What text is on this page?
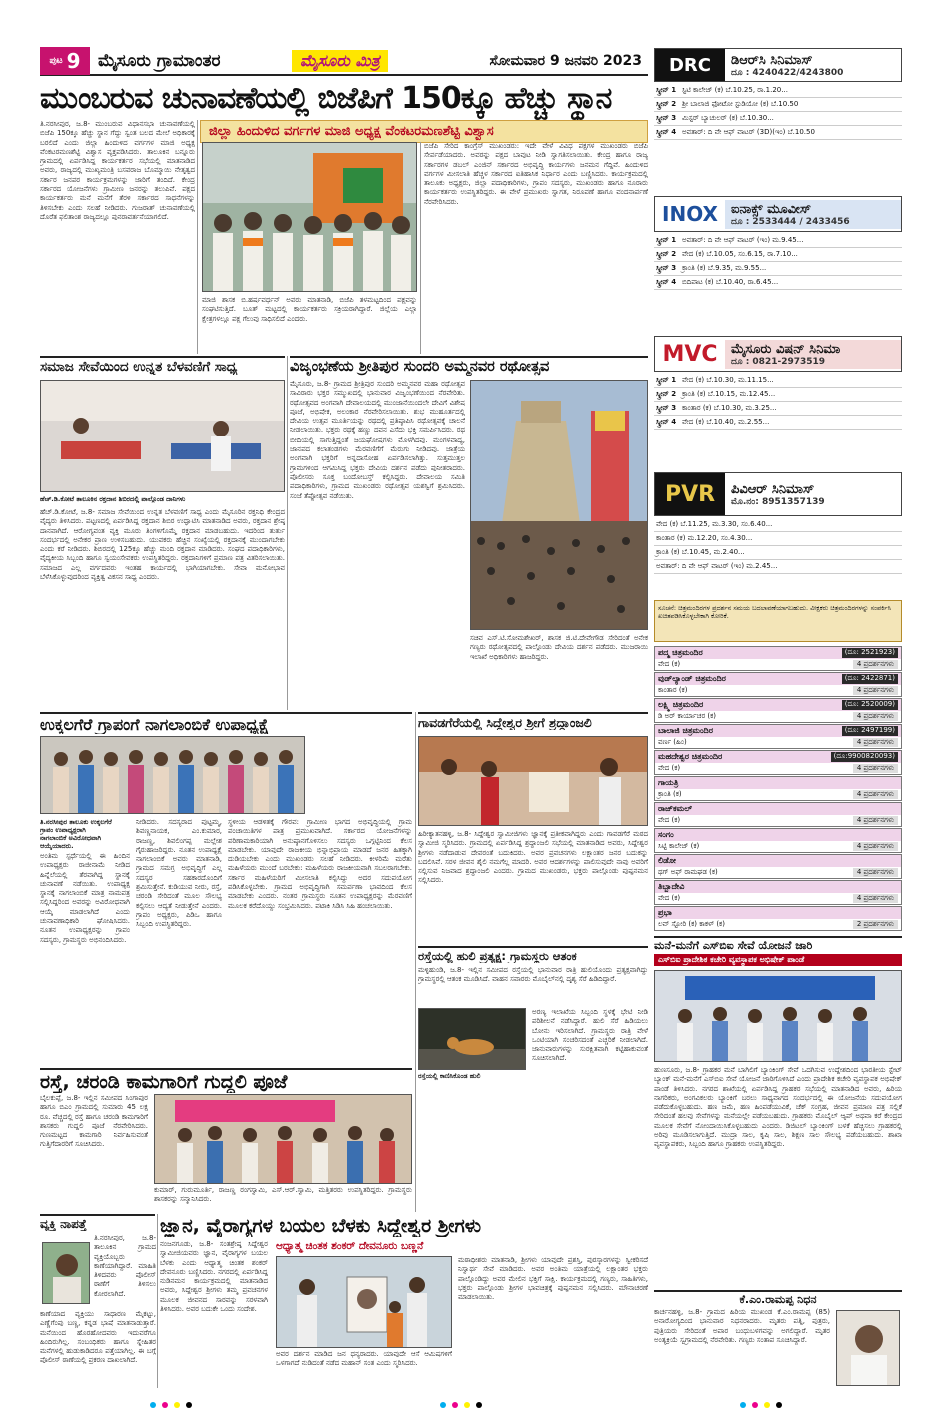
ಪುಟ 9 ಮೈಸೂರು ಗ್ರಾಮಾಂತರ	ಮೈಸೂರು ಮಿತ್ರ	ಸೋಮವಾರ 9 ಜನವರಿ 2023
ಮುಂಬರುವ ಚುನಾವಣೆಯಲ್ಲಿ ಬಿಜೆಪಿಗೆ 150ಕ್ಕೂ ಹೆಚ್ಚು ಸ್ಥಾನ
ಜಿಲ್ಲಾ ಹಿಂದುಳಿದ ವರ್ಗಗಳ ಮಾಜಿ ಅಧ್ಯಕ್ಷ ವೆಂಕಟರಮಣಶೆಟ್ಟಿ ವಿಶ್ವಾಸ
ತಿ.ನರಸೀಪುರ, ಜ.8- ಮುಂಬರುವ ವಿಧಾನಸಭಾ ಚುನಾವಣೆಯಲ್ಲಿ ಬಿಜೆಪಿ 150ಕ್ಕೂ ಹೆಚ್ಚು ಸ್ಥಾನ ಗೆದ್ದು ಸ್ವಂತ ಬಲದ ಮೇಲೆ ಅಧಿಕಾರಕ್ಕೆ ಬರಲಿದೆ ಎಂದು ಜಿಲ್ಲಾ ಹಿಂದುಳಿದ ವರ್ಗಗಳ ಮಾಜಿ ಅಧ್ಯಕ್ಷ ವೆಂಕಟರಮಣಶೆಟ್ಟಿ ವಿಶ್ವಾಸ ವ್ಯಕ್ತಪಡಿಸಿದರು. ತಾಲೂಕಿನ ಬನ್ನೂರು ಗ್ರಾಮದಲ್ಲಿ ಏರ್ಪಡಿಸಿದ್ದ ಕಾರ್ಯಕರ್ತರ ಸಭೆಯಲ್ಲಿ ಮಾತನಾಡಿದ ಅವರು, ರಾಜ್ಯದಲ್ಲಿ ಮುಖ್ಯಮಂತ್ರಿ ಬಸವರಾಜ ಬೊಮ್ಮಾಯಿ ನೇತೃತ್ವದ ಸರ್ಕಾರ ಜನಪರ ಕಾರ್ಯಕ್ರಮಗಳನ್ನು ಜಾರಿಗೆ ತಂದಿದೆ. ಕೇಂದ್ರ ಸರ್ಕಾರದ ಯೋಜನೆಗಳು ಗ್ರಾಮೀಣ ಜನರನ್ನು ತಲುಪಿವೆ. ಪಕ್ಷದ ಕಾರ್ಯಕರ್ತರು ಮನೆ ಮನೆಗೆ ತೆರಳಿ ಸರ್ಕಾರದ ಸಾಧನೆಗಳನ್ನು ತಿಳಿಸಬೇಕು ಎಂದು ಸಲಹೆ ನೀಡಿದರು. ಗುಜರಾತ್ ಚುನಾವಣೆಯಲ್ಲಿ ದೊರೆತ ಫಲಿತಾಂಶ ರಾಜ್ಯದಲ್ಲೂ ಪುನರಾವರ್ತನೆಯಾಗಲಿದೆ.
ಮಾಜಿ ಶಾಸಕ ಬಿ.ಹರ್ಷವರ್ಧನ್ ಅವರು ಮಾತನಾಡಿ, ಬಿಜೆಪಿ ತಳಮಟ್ಟದಿಂದ ಪಕ್ಷವನ್ನು ಸಂಘಟಿಸುತ್ತಿದೆ. ಬೂತ್ ಮಟ್ಟದಲ್ಲಿ ಕಾರ್ಯಕರ್ತರು ಸಕ್ರಿಯರಾಗಿದ್ದಾರೆ. ಜಿಲ್ಲೆಯ ಎಲ್ಲಾ ಕ್ಷೇತ್ರಗಳಲ್ಲೂ ಪಕ್ಷ ಗೆಲುವು ಸಾಧಿಸಲಿದೆ ಎಂದರು.
ಬಿಜೆಪಿ ಸೇರಿದ ಕಾಂಗ್ರೆಸ್ ಮುಖಂಡರು: ಇದೇ ವೇಳೆ ವಿವಿಧ ಪಕ್ಷಗಳ ಮುಖಂಡರು ಬಿಜೆಪಿ ಸೇರ್ಪಡೆಯಾದರು. ಅವರನ್ನು ಪಕ್ಷದ ಬಾವುಟ ನೀಡಿ ಸ್ವಾಗತಿಸಲಾಯಿತು. ಕೇಂದ್ರ ಹಾಗೂ ರಾಜ್ಯ ಸರ್ಕಾರಗಳ ಡಬಲ್ ಎಂಜಿನ್ ಸರ್ಕಾರದ ಅಭಿವೃದ್ಧಿ ಕಾರ್ಯಗಳು ಜನಮನ ಗೆದ್ದಿವೆ. ಹಿಂದುಳಿದ ವರ್ಗಗಳ ಮೀಸಲಾತಿ ಹೆಚ್ಚಳ ಸರ್ಕಾರದ ಐತಿಹಾಸಿಕ ನಿರ್ಧಾರ ಎಂದು ಬಣ್ಣಿಸಿದರು. ಕಾರ್ಯಕ್ರಮದಲ್ಲಿ ತಾಲೂಕು ಅಧ್ಯಕ್ಷರು, ಜಿಲ್ಲಾ ಪದಾಧಿಕಾರಿಗಳು, ಗ್ರಾಪಂ ಸದಸ್ಯರು, ಮುಖಂಡರು ಹಾಗೂ ನೂರಾರು ಕಾರ್ಯಕರ್ತರು ಉಪಸ್ಥಿತರಿದ್ದರು. ಈ ವೇಳೆ ಪ್ರಮುಖರು ಸ್ವಾಗತ, ನಿರೂಪಣೆ ಹಾಗೂ ವಂದನಾರ್ಪಣೆ ನೆರವೇರಿಸಿದರು.
ಸಮಾಜ ಸೇವೆಯಿಂದ ಉನ್ನತ ಬೆಳವಣಿಗೆ ಸಾಧ್ಯ	ವಿಜೃಂಭಣೆಯ ಶ್ರೀತಿಪುರ ಸುಂದರಿ ಅಮ್ಮನವರ ರಥೋತ್ಸವ
ಹೆಚ್.ಡಿ.ಕೋಟೆ ತಾಲೂಕಿನ ರಕ್ತದಾನ ಶಿಬಿರದಲ್ಲಿ ಪಾಲ್ಗೊಂಡ ದಾನಿಗಳು
ಹೆಚ್.ಡಿ.ಕೋಟೆ, ಜ.8- ಸಮಾಜ ಸೇವೆಯಿಂದ ಉನ್ನತ ಬೆಳವಣಿಗೆ ಸಾಧ್ಯ ಎಂದು ಮೈಸೂರಿನ ರಕ್ತನಿಧಿ ಕೇಂದ್ರದ ವೈದ್ಯರು ತಿಳಿಸಿದರು. ಪಟ್ಟಣದಲ್ಲಿ ಏರ್ಪಡಿಸಿದ್ದ ರಕ್ತದಾನ ಶಿಬಿರ ಉದ್ಘಾಟಿಸಿ ಮಾತನಾಡಿದ ಅವರು, ರಕ್ತದಾನ ಶ್ರೇಷ್ಠ ದಾನವಾಗಿದೆ. ಆರೋಗ್ಯವಂತ ವ್ಯಕ್ತಿ ಮೂರು ತಿಂಗಳಿಗೊಮ್ಮೆ ರಕ್ತದಾನ ಮಾಡಬಹುದು. ಇದರಿಂದ ತುರ್ತು ಸಂದರ್ಭದಲ್ಲಿ ಅನೇಕರ ಪ್ರಾಣ ಉಳಿಸಬಹುದು. ಯುವಕರು ಹೆಚ್ಚಿನ ಸಂಖ್ಯೆಯಲ್ಲಿ ರಕ್ತದಾನಕ್ಕೆ ಮುಂದಾಗಬೇಕು ಎಂದು ಕರೆ ನೀಡಿದರು. ಶಿಬಿರದಲ್ಲಿ 125ಕ್ಕೂ ಹೆಚ್ಚು ಮಂದಿ ರಕ್ತದಾನ ಮಾಡಿದರು. ಸಂಘದ ಪದಾಧಿಕಾರಿಗಳು, ವೈದ್ಯಕೀಯ ಸಿಬ್ಬಂದಿ ಹಾಗೂ ಸ್ವಯಂಸೇವಕರು ಉಪಸ್ಥಿತರಿದ್ದರು. ರಕ್ತದಾನಿಗಳಿಗೆ ಪ್ರಮಾಣ ಪತ್ರ ವಿತರಿಸಲಾಯಿತು. ಸಮಾಜದ ಎಲ್ಲ ವರ್ಗದವರು ಇಂತಹ ಕಾರ್ಯದಲ್ಲಿ ಭಾಗಿಯಾಗಬೇಕು. ಸೇವಾ ಮನೋಭಾವ ಬೆಳೆಸಿಕೊಳ್ಳುವುದರಿಂದ ವ್ಯಕ್ತಿತ್ವ ವಿಕಸನ ಸಾಧ್ಯ ಎಂದರು.
ಮೈಸೂರು, ಜ.8- ಗ್ರಾಮದ ಶ್ರೀತ್ರಿಪುರ ಸುಂದರಿ ಅಮ್ಮನವರ ಮಹಾ ರಥೋತ್ಸವ ಸಾವಿರಾರು ಭಕ್ತರ ಸಮ್ಮುಖದಲ್ಲಿ ಭಾನುವಾರ ವಿಜೃಂಭಣೆಯಿಂದ ನೆರವೇರಿತು. ರಥೋತ್ಸವದ ಅಂಗವಾಗಿ ದೇವಾಲಯದಲ್ಲಿ ಮುಂಜಾನೆಯಿಂದಲೇ ದೇವಿಗೆ ವಿಶೇಷ ಪೂಜೆ, ಅಭಿಷೇಕ, ಅಲಂಕಾರ ನೆರವೇರಿಸಲಾಯಿತು. ಶುಭ ಮುಹೂರ್ತದಲ್ಲಿ ದೇವಿಯ ಉತ್ಸವ ಮೂರ್ತಿಯನ್ನು ರಥದಲ್ಲಿ ಪ್ರತಿಷ್ಠಾಪಿಸಿ ರಥೋತ್ಸವಕ್ಕೆ ಚಾಲನೆ ನೀಡಲಾಯಿತು. ಭಕ್ತರು ರಥಕ್ಕೆ ಹಣ್ಣು ದವನ ಎಸೆದು ಭಕ್ತಿ ಸಮರ್ಪಿಸಿದರು. ರಥ ಬೀದಿಯಲ್ಲಿ ಸಾಗುತ್ತಿದ್ದಂತೆ ಜಯಘೋಷಗಳು ಮೊಳಗಿದವು. ಮಂಗಳವಾದ್ಯ, ಜಾನಪದ ಕಲಾತಂಡಗಳು ಮೆರವಣಿಗೆಗೆ ಮೆರುಗು ನೀಡಿದವು. ಜಾತ್ರೆಯ ಅಂಗವಾಗಿ ಭಕ್ತರಿಗೆ ಅನ್ನದಾಸೋಹ ಏರ್ಪಡಿಸಲಾಗಿತ್ತು. ಸುತ್ತಮುತ್ತಲ ಗ್ರಾಮಗಳಿಂದ ಆಗಮಿಸಿದ್ದ ಭಕ್ತರು ದೇವಿಯ ದರ್ಶನ ಪಡೆದು ಪುನೀತರಾದರು. ಪೊಲೀಸರು ಸೂಕ್ತ ಬಂದೋಬಸ್ತ್ ಕಲ್ಪಿಸಿದ್ದರು. ದೇವಾಲಯ ಸಮಿತಿ ಪದಾಧಿಕಾರಿಗಳು, ಗ್ರಾಮದ ಮುಖಂಡರು ರಥೋತ್ಸವ ಯಶಸ್ವಿಗೆ ಶ್ರಮಿಸಿದರು. ಸಂಜೆ ತೆಪ್ಪೋತ್ಸವ ನಡೆಯಿತು.
ಸಚಿವ ಎಸ್.ಟಿ.ಸೋಮಶೇಖರ್, ಶಾಸಕ ಜಿ.ಟಿ.ದೇವೇಗೌಡ ಸೇರಿದಂತೆ ಅನೇಕ ಗಣ್ಯರು ರಥೋತ್ಸವದಲ್ಲಿ ಪಾಲ್ಗೊಂಡು ದೇವಿಯ ದರ್ಶನ ಪಡೆದರು. ಮುಜರಾಯಿ ಇಲಾಖೆ ಅಧಿಕಾರಿಗಳು ಹಾಜರಿದ್ದರು.
ಉಕ್ಕಲಗೆರೆ ಗ್ರಾಪಂಗೆ ನಾಗಲಾಂಬಿಕೆ ಉಪಾಧ್ಯಕ್ಷೆ	ಗಾವಡಗೆರೆಯಲ್ಲಿ ಸಿದ್ದೇಶ್ವರ ಶ್ರೀಗೆ ಶ್ರದ್ಧಾಂಜಲಿ
ತಿ.ನರಸೀಪುರ ತಾಲೂಕು ಉಕ್ಕಲಗೆರೆ ಗ್ರಾಪಂ ಉಪಾಧ್ಯಕ್ಷರಾಗಿ ನಾಗಲಾಂಬಿಕೆ ಅವಿರೋಧವಾಗಿ ಆಯ್ಕೆಯಾದರು.
ಅಂತಿಮ ಸ್ಪರ್ಧೆಯಲ್ಲಿ ಈ ಹಿಂದಿನ ಉಪಾಧ್ಯಕ್ಷರು ರಾಜೀನಾಮೆ ನೀಡಿದ ಹಿನ್ನೆಲೆಯಲ್ಲಿ ತೆರವಾಗಿದ್ದ ಸ್ಥಾನಕ್ಕೆ ಚುನಾವಣೆ ನಡೆಯಿತು. ಉಪಾಧ್ಯಕ್ಷ ಸ್ಥಾನಕ್ಕೆ ನಾಗಲಾಂಬಿಕೆ ಮಾತ್ರ ನಾಮಪತ್ರ ಸಲ್ಲಿಸಿದ್ದರಿಂದ ಅವರನ್ನು ಅವಿರೋಧವಾಗಿ ಆಯ್ಕೆ ಮಾಡಲಾಗಿದೆ ಎಂದು ಚುನಾವಣಾಧಿಕಾರಿ ಘೋಷಿಸಿದರು. ನೂತನ ಉಪಾಧ್ಯಕ್ಷರನ್ನು ಗ್ರಾಪಂ ಸದಸ್ಯರು, ಗ್ರಾಮಸ್ಥರು ಅಭಿನಂದಿಸಿದರು.
ನೀಡಿದರು. ಸದಸ್ಯರಾದ ಪುಟ್ಟಮ್ಮ, ಶಿವಣ್ಣನಾಯಕ, ಎಂ.ಕುಮಾರ, ರಾಜಣ್ಣ, ಶಿವಲಿಂಗಪ್ಪ ಮಲ್ಲೇಶ ಗೈರುಹಾಜರಿದ್ದರು. ನೂತನ ಉಪಾಧ್ಯಕ್ಷೆ ನಾಗಲಾಂಬಿಕೆ ಅವರು ಮಾತನಾಡಿ, ಗ್ರಾಮದ ಸಮಗ್ರ ಅಭಿವೃದ್ಧಿಗೆ ಎಲ್ಲ ಸದಸ್ಯರ ಸಹಕಾರದೊಂದಿಗೆ ಶ್ರಮಿಸುತ್ತೇನೆ. ಕುಡಿಯುವ ನೀರು, ರಸ್ತೆ, ಚರಂಡಿ ಸೇರಿದಂತೆ ಮೂಲ ಸೌಲಭ್ಯ ಕಲ್ಪಿಸಲು ಆದ್ಯತೆ ನೀಡುತ್ತೇನೆ ಎಂದರು. ಗ್ರಾಪಂ ಅಧ್ಯಕ್ಷರು, ಪಿಡಿಒ ಹಾಗೂ ಸಿಬ್ಬಂದಿ ಉಪಸ್ಥಿತರಿದ್ದರು.
ಸ್ಥಳೀಯ ಆಡಳಿತಕ್ಕೆ ಗೌರವ: ಗ್ರಾಮೀಣ ಭಾಗದ ಅಭಿವೃದ್ಧಿಯಲ್ಲಿ ಗ್ರಾಮ ಪಂಚಾಯಿತಿಗಳ ಪಾತ್ರ ಪ್ರಮುಖವಾಗಿದೆ. ಸರ್ಕಾರದ ಯೋಜನೆಗಳನ್ನು ಪರಿಣಾಮಕಾರಿಯಾಗಿ ಅನುಷ್ಠಾನಗೊಳಿಸಲು ಸದಸ್ಯರು ಒಗ್ಗಟ್ಟಿನಿಂದ ಕೆಲಸ ಮಾಡಬೇಕು. ಯಾವುದೇ ರಾಜಕೀಯ ಭಿನ್ನಾಭಿಪ್ರಾಯ ಮಾಡದೆ ಜನರ ಹಿತಕ್ಕಾಗಿ ದುಡಿಯಬೇಕು ಎಂದು ಮುಖಂಡರು ಸಲಹೆ ನೀಡಿದರು. ಕೀಳರಿಮೆ ಮರೆತು ಮಹಿಳೆಯರು ಮುಂದೆ ಬರಬೇಕು: ಮಹಿಳೆಯರು ರಾಜಕೀಯವಾಗಿ ಸಬಲರಾಗಬೇಕು. ಸರ್ಕಾರ ಮಹಿಳೆಯರಿಗೆ ಮೀಸಲಾತಿ ಕಲ್ಪಿಸಿದ್ದು ಅದರ ಸದುಪಯೋಗ ಪಡಿಸಿಕೊಳ್ಳಬೇಕು. ಗ್ರಾಮದ ಅಭಿವೃದ್ಧಿಗಾಗಿ ಸಮರ್ಪಣಾ ಭಾವದಿಂದ ಕೆಲಸ ಮಾಡಬೇಕು ಎಂದರು. ನಂತರ ಗ್ರಾಮಸ್ಥರು ನೂತನ ಉಪಾಧ್ಯಕ್ಷರನ್ನು ಮೆರವಣಿಗೆ ಮೂಲಕ ಕರೆದೊಯ್ದು ಸಂಭ್ರಮಿಸಿದರು. ಪಟಾಕಿ ಸಿಡಿಸಿ ಸಿಹಿ ಹಂಚಲಾಯಿತು.
ಹಿರೀಕ್ಯಾತನಹಳ್ಳಿ, ಜ.8- ಸಿದ್ದೇಶ್ವರ ಸ್ವಾಮೀಜಿಗಳು ಜ್ಞಾನಕ್ಕೆ ಪ್ರತೀಕವಾಗಿದ್ದರು ಎಂದು ಗಾವಡಗೆರೆ ಮಠದ ಸ್ವಾಮೀಜಿ ಸ್ಮರಿಸಿದರು. ಗ್ರಾಮದಲ್ಲಿ ಏರ್ಪಡಿಸಿದ್ದ ಶ್ರದ್ಧಾಂಜಲಿ ಸಭೆಯಲ್ಲಿ ಮಾತನಾಡಿದ ಅವರು, ಸಿದ್ದೇಶ್ವರ ಶ್ರೀಗಳು ನಡೆದಾಡುವ ದೇವರಂತೆ ಬದುಕಿದರು. ಅವರ ಪ್ರವಚನಗಳು ಲಕ್ಷಾಂತರ ಜನರ ಬದುಕನ್ನು ಬದಲಿಸಿವೆ. ಸರಳ ಜೀವನ ಶೈಲಿ ನಮಗೆಲ್ಲ ಮಾದರಿ. ಅವರ ಆದರ್ಶಗಳನ್ನು ಪಾಲಿಸುವುದೇ ನಾವು ಅವರಿಗೆ ಸಲ್ಲಿಸುವ ನಿಜವಾದ ಶ್ರದ್ಧಾಂಜಲಿ ಎಂದರು. ಗ್ರಾಮದ ಮುಖಂಡರು, ಭಕ್ತರು ಪಾಲ್ಗೊಂಡು ಪುಷ್ಪನಮನ ಸಲ್ಲಿಸಿದರು.
ರಸ್ತೆಯಲ್ಲಿ ಹುಲಿ ಪ್ರತ್ಯಕ್ಷ: ಗ್ರಾಮಸ್ಥರು ಆತಂಕ
ಮಳ್ಳಿಹುಂಡಿ, ಜ.8- ಇಲ್ಲಿನ ಸಮೀಪದ ರಸ್ತೆಯಲ್ಲಿ ಭಾನುವಾರ ರಾತ್ರಿ ಹುಲಿಯೊಂದು ಪ್ರತ್ಯಕ್ಷವಾಗಿದ್ದು ಗ್ರಾಮಸ್ಥರಲ್ಲಿ ಆತಂಕ ಮೂಡಿಸಿದೆ. ವಾಹನ ಸವಾರರು ಮೊಬೈಲ್‌ನಲ್ಲಿ ದೃಶ್ಯ ಸೆರೆ ಹಿಡಿದಿದ್ದಾರೆ.
ರಸ್ತೆಯಲ್ಲಿ ಕಾಣಿಸಿಕೊಂಡ ಹುಲಿ
ಅರಣ್ಯ ಇಲಾಖೆಯ ಸಿಬ್ಬಂದಿ ಸ್ಥಳಕ್ಕೆ ಭೇಟಿ ನೀಡಿ ಪರಿಶೀಲನೆ ನಡೆಸಿದ್ದಾರೆ. ಹುಲಿ ಸೆರೆ ಹಿಡಿಯಲು ಬೋನು ಇರಿಸಲಾಗಿದೆ. ಗ್ರಾಮಸ್ಥರು ರಾತ್ರಿ ವೇಳೆ ಒಂಟಿಯಾಗಿ ಸಂಚರಿಸದಂತೆ ಎಚ್ಚರಿಕೆ ನೀಡಲಾಗಿದೆ. ಜಾನುವಾರುಗಳನ್ನು ಸುರಕ್ಷಿತವಾಗಿ ಕಟ್ಟಿಹಾಕುವಂತೆ ಸೂಚಿಸಲಾಗಿದೆ.
ರಸ್ತೆ, ಚರಂಡಿ ಕಾಮಗಾರಿಗೆ ಗುದ್ದಲಿ ಪೂಜೆ
ಬೈಲಕುಪ್ಪೆ, ಜ.8- ಇಲ್ಲಿನ ಸಮೀಪದ ಸಿಂಗಾಪುರ ಹಾಗೂ ಬಿಎಂ ಗ್ರಾಮದಲ್ಲಿ ಸುಮಾರು 45 ಲಕ್ಷ ರೂ. ವೆಚ್ಚದಲ್ಲಿ ರಸ್ತೆ ಹಾಗೂ ಚರಂಡಿ ಕಾಮಗಾರಿಗೆ ಶಾಸಕರು ಗುದ್ದಲಿ ಪೂಜೆ ನೆರವೇರಿಸಿದರು. ಗುಣಮಟ್ಟದ ಕಾಮಗಾರಿ ನಿರ್ವಹಿಸುವಂತೆ ಗುತ್ತಿಗೆದಾರರಿಗೆ ಸೂಚಿಸಿದರು.
ಕುಮಾರ್, ಗುರುಮೂರ್ತಿ, ರಾಜಣ್ಣ ರಂಗಸ್ವಾಮಿ, ಎಸ್.ಆರ್.ಸ್ವಾಮಿ, ಮತ್ತಿತರರು ಉಪಸ್ಥಿತರಿದ್ದರು. ಗ್ರಾಮಸ್ಥರು ಶಾಸಕರನ್ನು ಸನ್ಮಾನಿಸಿದರು.
ವ್ಯಕ್ತಿ ನಾಪತ್ತೆ
ತಿ.ನರಸೀಪುರ, ಜ.8- ತಾಲೂಕಿನ ಗ್ರಾಮದ ವ್ಯಕ್ತಿಯೊಬ್ಬರು ಕಾಣೆಯಾಗಿದ್ದಾರೆ. ಮಾಹಿತಿ ತಿಳಿದವರು ಪೊಲೀಸ್ ಠಾಣೆಗೆ ತಿಳಿಸಲು ಕೋರಲಾಗಿದೆ.
ಕಾಣೆಯಾದ ವ್ಯಕ್ತಿಯು ಸಾಧಾರಣ ಮೈಕಟ್ಟು, ಎಣ್ಣೆಗೆಂಪು ಬಣ್ಣ, ಕನ್ನಡ ಭಾಷೆ ಮಾತನಾಡುತ್ತಾರೆ. ಮನೆಯಿಂದ ಹೊರಹೋದವರು ಇದುವರೆಗೂ ಹಿಂದಿರುಗಿಲ್ಲ. ಸಂಬಂಧಿಕರು ಹಾಗೂ ಸ್ನೇಹಿತರ ಮನೆಗಳಲ್ಲಿ ಹುಡುಕಾಡಿದರೂ ಪತ್ತೆಯಾಗಿಲ್ಲ. ಈ ಬಗ್ಗೆ ಪೊಲೀಸ್ ಠಾಣೆಯಲ್ಲಿ ಪ್ರಕರಣ ದಾಖಲಾಗಿದೆ.
ಜ್ಞಾನ, ವೈರಾಗ್ಯಗಳ ಬಯಲ ಬೆಳಕು ಸಿದ್ದೇಶ್ವರ ಶ್ರೀಗಳು
ಆಧ್ಯಾತ್ಮ ಚಿಂತಕ ಶಂಕರ್ ದೇವನೂರು ಬಣ್ಣನೆ
ನಂಜನಗೂಡು, ಜ.8- ಸಂತಶ್ರೇಷ್ಠ ಸಿದ್ದೇಶ್ವರ ಸ್ವಾಮೀಜಿಯವರು ಜ್ಞಾನ, ವೈರಾಗ್ಯಗಳ ಬಯಲ ಬೆಳಕು ಎಂದು ಆಧ್ಯಾತ್ಮ ಚಿಂತಕ ಶಂಕರ್ ದೇವನೂರು ಬಣ್ಣಿಸಿದರು. ನಗರದಲ್ಲಿ ಏರ್ಪಡಿಸಿದ್ದ ನುಡಿನಮನ ಕಾರ್ಯಕ್ರಮದಲ್ಲಿ ಮಾತನಾಡಿದ ಅವರು, ಸಿದ್ದೇಶ್ವರ ಶ್ರೀಗಳು ತಮ್ಮ ಪ್ರವಚನಗಳ ಮೂಲಕ ಜೀವನದ ಸಾರವನ್ನು ಸರಳವಾಗಿ ತಿಳಿಸಿದರು. ಅವರ ಬದುಕೇ ಒಂದು ಸಂದೇಶ.
ಅವರ ದರ್ಶನ ಮಾಡಿದ ಜನ ಧನ್ಯರಾದರು. ಯಾವುದೇ ಆಸೆ ಆಮಿಷಗಳಿಗೆ ಒಳಗಾಗದೆ ನುಡಿದಂತೆ ನಡೆದ ಮಹಾನ್ ಸಂತ ಎಂದು ಸ್ಮರಿಸಿದರು.
ಮಠಾಧೀಶರು ಮಾತನಾಡಿ, ಶ್ರೀಗಳು ಯಾವುದೇ ಪ್ರಶಸ್ತಿ, ಪುರಸ್ಕಾರಗಳನ್ನು ಸ್ವೀಕರಿಸದೆ ನಿಸ್ವಾರ್ಥ ಸೇವೆ ಮಾಡಿದರು. ಅವರ ಅಂತಿಮ ಯಾತ್ರೆಯಲ್ಲಿ ಲಕ್ಷಾಂತರ ಭಕ್ತರು ಪಾಲ್ಗೊಂಡಿದ್ದು ಅವರ ಮೇಲಿನ ಭಕ್ತಿಗೆ ಸಾಕ್ಷಿ. ಕಾರ್ಯಕ್ರಮದಲ್ಲಿ ಗಣ್ಯರು, ಸಾಹಿತಿಗಳು, ಭಕ್ತರು ಪಾಲ್ಗೊಂಡು ಶ್ರೀಗಳ ಭಾವಚಿತ್ರಕ್ಕೆ ಪುಷ್ಪನಮನ ಸಲ್ಲಿಸಿದರು. ಮೌನಾಚರಣೆ ಮಾಡಲಾಯಿತು.
DRC	ಡಿಆರ್‌ಸಿ ಸಿನಿಮಾಸ್
ದೂ : 4240422/4243800
ಸ್ಕ್ರೀನ್ 1 ಸ್ಟಿಟಿ ಕಾಲೇಜ್ (ಕ) ಬೆ.10.25, ರಾ.1.20...
ಸ್ಕ್ರೀನ್ 2 ಶ್ರೀ ಬಾಲಾಜಿ ಫೋಟೋ ಸ್ಟುಡಿಯೋ (ಕ) ಬೆ.10.50
ಸ್ಕ್ರೀನ್ 3 ಮಿಸ್ಟರ್ ಬ್ಯಾಚುಲರ್ (ಕ) ಬೆ.10.30...
ಸ್ಕ್ರೀನ್ 4 ಅವತಾರ್: ದಿ ವೇ ಆಫ್ ವಾಟರ್ (3D)(ಇಂ) ಬೆ.10.50
INOX	ಐನಾಕ್ಸ್ ಮೂವೀಸ್
ದೂ : 2533444 / 2433456
ಸ್ಕ್ರೀನ್ 1 ಅವತಾರ್: ದಿ ವೇ ಆಫ್ ವಾಟರ್ (ಇಂ) ಮ.9.45...
ಸ್ಕ್ರೀನ್ 2 ವೇದ (ಕ) ಬೆ.10.05, ಸಂ.6.15, ರಾ.7.10...
ಸ್ಕ್ರೀನ್ 3 ಕ್ರಾಂತಿ (ಕ) ಬೆ.9.35, ಮ.9.55...
ಸ್ಕ್ರೀನ್ 4 ಬಿದಿಪಾಟ (ಕ) ಬೆ.10.40, ರಾ.6.45...
MVC	ಮೈಸೂರು ವಿಷನ್ ಸಿನಿಮಾ
ದೂ : 0821-2973519
ಸ್ಕ್ರೀನ್ 1 ವೇದ (ಕ) ಬೆ.10.30, ಮ.11.15...
ಸ್ಕ್ರೀನ್ 2 ಕ್ರಾಂತಿ (ಕ) ಬೆ.10.15, ಮ.12.45...
ಸ್ಕ್ರೀನ್ 3 ಕಾಂತಾರ (ಕ) ಬೆ.10.30, ಮ.3.25...
ಸ್ಕ್ರೀನ್ 4 ವೇದ (ಕ) ಬೆ.10.40, ಮ.2.55...
PVR	ಪಿವಿಆರ್ ಸಿನಿಮಾಸ್
ಮೊ.ನಂ: 8951357139
ವೇದ (ಕ) ಬೆ.11.25, ಮ.3.30, ಸಂ.6.40...
ಕಾಂತಾರ (ಕ) ಮ.12.20, ಸಂ.4.30...
ಕ್ರಾಂತಿ (ಕ) ಬೆ.10.45, ಮ.2.40...
ಅವತಾರ್: ದಿ ವೇ ಆಫ್ ವಾಟರ್ (ಇಂ) ಮ.2.45...
ಸೂಚನೆ: ಚಿತ್ರಮಂದಿರಗಳ ಪ್ರದರ್ಶನ ಸಮಯ ಬದಲಾವಣೆಯಾಗಬಹುದು. ವೀಕ್ಷಕರು ಚಿತ್ರಮಂದಿರಗಳನ್ನು ಸಂಪರ್ಕಿಸಿ ಖಚಿತಪಡಿಸಿಕೊಳ್ಳಬೇಕಾಗಿ ಕೋರಿಕೆ.
ಪದ್ಮ ಚಿತ್ರಮಂದಿರ	(ದೂ: 2521923)
ವೇದ (ಕ)	4 ಪ್ರದರ್ಶನಗಳು
ವುಡ್‌ಲ್ಯಾಂಡ್ ಚಿತ್ರಮಂದಿರ	(ದೂ: 2422871)
ಕಾಂತಾರ (ಕ)	4 ಪ್ರದರ್ಶನಗಳು
ಲಕ್ಷ್ಮಿ ಚಿತ್ರಮಂದಿರ	(ದೂ: 2520009)
ಡಿ ಅರ್ ಕಾರ್ಯಾಚರ (ಕ)	4 ಪ್ರದರ್ಶನಗಳು
ಬಾಲಾಜಿ ಚಿತ್ರಮಂದಿರ	(ದೂ: 2497199)
ವರ್ಣ (ಹಿಂ)	4 ಪ್ರದರ್ಶನಗಳು
ಮಹದೇಶ್ವರ ಚಿತ್ರಮಂದಿರ	(ದೂ:9900820093)
ವೇದ (ಕ)	4 ಪ್ರದರ್ಶನಗಳು
ಗಾಯತ್ರಿ
ಕ್ರಾಂತಿ (ಕ)	4 ಪ್ರದರ್ಶನಗಳು
ರಾಜ್‌ಕಮಲ್
ವೇದ (ಕ)	4 ಪ್ರದರ್ಶನಗಳು
ಸಂಗಂ
ಸಿಟ್ಟಿ ಕಾಲೇಜ್ (ಕ)	4 ಪ್ರದರ್ಶನಗಳು
ಲಿಡೋ
ಥಗ್ ಅಫ್ ರಾಮಘಡ (ಕ)	4 ಪ್ರದರ್ಶನಗಳು
ತಿಬ್ಬಾದೇವಿ
ವೇದ (ಕ)	4 ಪ್ರದರ್ಶನಗಳು
ಪ್ರಭಾ
ಲವ್ ಸ್ಟೋರಿ (ಕ) ಕಾಕಳ್ (ಕ)	2 ಪ್ರದರ್ಶನಗಳು
ಮನೆ-ಮನೆಗೆ ಎಸ್‌ಬಿಐ ಸೇವೆ ಯೋಜನೆ ಜಾರಿ
ಎಸ್‌ಬಿಐ ಪ್ರಾದೇಶಿಕ ಕಚೇರಿ ವ್ಯವಸ್ಥಾಪಕ ಅಭಿಷೇಕ್ ಪಾಂಡೆ
ಹುಣಸೂರು, ಜ.8- ಗ್ರಾಹಕರ ಮನೆ ಬಾಗಿಲಿಗೆ ಬ್ಯಾಂಕಿಂಗ್ ಸೇವೆ ಒದಗಿಸುವ ಉದ್ದೇಶದಿಂದ ಭಾರತೀಯ ಸ್ಟೇಟ್ ಬ್ಯಾಂಕ್ ಮನೆ-ಮನೆಗೆ ಎಸ್‌ಬಿಐ ಸೇವೆ ಯೋಜನೆ ಜಾರಿಗೊಳಿಸಿದೆ ಎಂದು ಪ್ರಾದೇಶಿಕ ಕಚೇರಿ ವ್ಯವಸ್ಥಾಪಕ ಅಭಿಷೇಕ್ ಪಾಂಡೆ ತಿಳಿಸಿದರು. ನಗರದ ಶಾಖೆಯಲ್ಲಿ ಏರ್ಪಡಿಸಿದ್ದ ಗ್ರಾಹಕರ ಸಭೆಯಲ್ಲಿ ಮಾತನಾಡಿದ ಅವರು, ಹಿರಿಯ ನಾಗರಿಕರು, ಅಂಗವಿಕಲರು ಬ್ಯಾಂಕಿಗೆ ಬರಲು ಸಾಧ್ಯವಾಗದ ಸಂದರ್ಭದಲ್ಲಿ ಈ ಯೋಜನೆಯ ಸದುಪಯೋಗ ಪಡೆದುಕೊಳ್ಳಬಹುದು. ಹಣ ಜಮೆ, ಹಣ ಹಿಂಪಡೆಯುವಿಕೆ, ಚೆಕ್ ಸಂಗ್ರಹ, ಜೀವನ ಪ್ರಮಾಣ ಪತ್ರ ಸಲ್ಲಿಕೆ ಸೇರಿದಂತೆ ಹಲವು ಸೇವೆಗಳನ್ನು ಮನೆಯಲ್ಲೇ ಪಡೆಯಬಹುದು. ಗ್ರಾಹಕರು ಮೊಬೈಲ್ ಆ್ಯಪ್ ಅಥವಾ ಕರೆ ಕೇಂದ್ರದ ಮೂಲಕ ಸೇವೆಗೆ ನೋಂದಾಯಿಸಿಕೊಳ್ಳಬಹುದು ಎಂದರು. ಡಿಜಿಟಲ್ ಬ್ಯಾಂಕಿಂಗ್ ಬಳಕೆ ಹೆಚ್ಚಿಸಲು ಗ್ರಾಹಕರಲ್ಲಿ ಅರಿವು ಮೂಡಿಸಲಾಗುತ್ತಿದೆ. ಮುದ್ರಾ ಸಾಲ, ಕೃಷಿ ಸಾಲ, ಶಿಕ್ಷಣ ಸಾಲ ಸೌಲಭ್ಯ ಪಡೆಯಬಹುದು. ಶಾಖಾ ವ್ಯವಸ್ಥಾಪಕರು, ಸಿಬ್ಬಂದಿ ಹಾಗೂ ಗ್ರಾಹಕರು ಉಪಸ್ಥಿತರಿದ್ದರು.
ಕೆ.ಎಂ.ರಾಮಪ್ಪ ನಿಧನ
ಕಾರ್ಚನಹಳ್ಳಿ, ಜ.8- ಗ್ರಾಮದ ಹಿರಿಯ ಮುಖಂಡ ಕೆ.ಎಂ.ರಾಮಪ್ಪ (85) ಅನಾರೋಗ್ಯದಿಂದ ಭಾನುವಾರ ನಿಧನರಾದರು. ಮೃತರು ಪತ್ನಿ, ಪುತ್ರರು, ಪುತ್ರಿಯರು ಸೇರಿದಂತೆ ಅಪಾರ ಬಂಧುಬಳಗವನ್ನು ಅಗಲಿದ್ದಾರೆ. ಮೃತರ ಅಂತ್ಯಕ್ರಿಯೆ ಸ್ವಗ್ರಾಮದಲ್ಲಿ ನೆರವೇರಿತು. ಗಣ್ಯರು ಸಂತಾಪ ಸೂಚಿಸಿದ್ದಾರೆ.
